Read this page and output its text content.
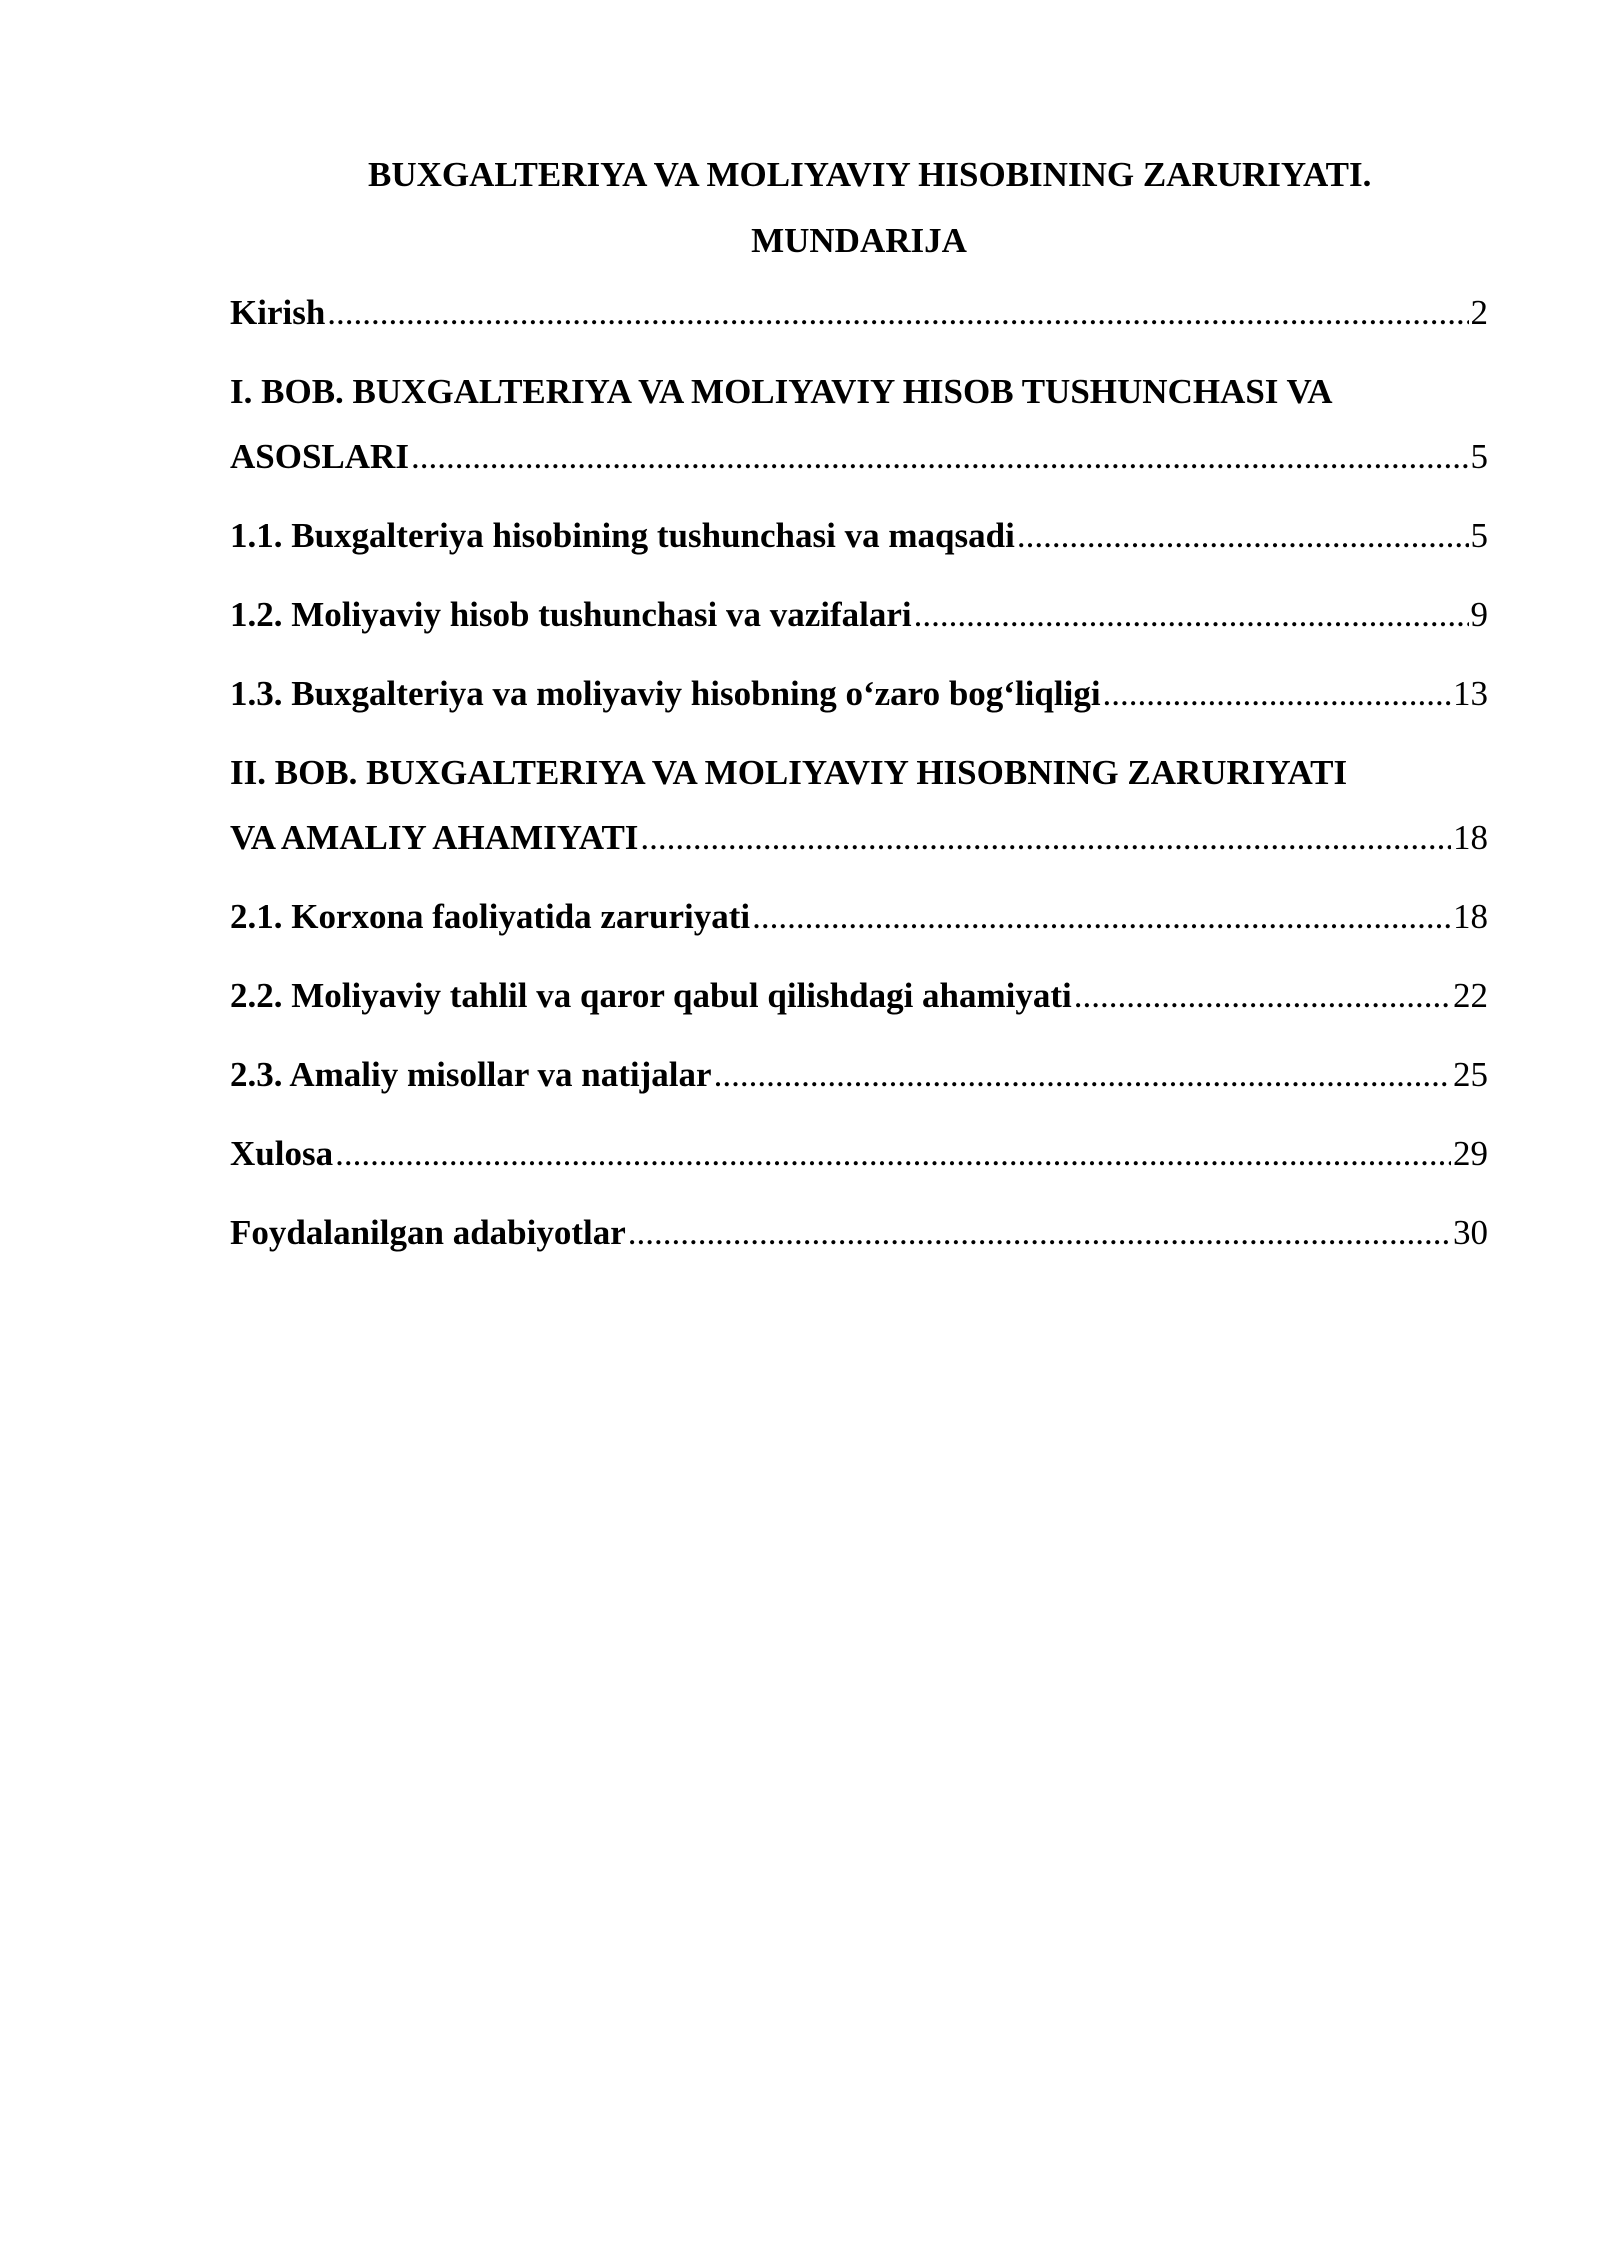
BUXGALTERIYA VA MOLIYAVIY HISOBINING ZARURIYATI.
MUNDARIJA
Kirish .....	2
I. BOB. BUXGALTERIYA VA MOLIYAVIY HISOB TUSHUNCHASI VA
ASOSLARI .....	5
1.1. Buxgalteriya hisobining tushunchasi va maqsadi .....	5
1.2. Moliyaviy hisob tushunchasi va vazifalari .....	9
1.3. Buxgalteriya va moliyaviy hisobning o‘zaro bog‘liqligi .....	13
II. BOB. BUXGALTERIYA VA MOLIYAVIY HISOBNING ZARURIYATI
VA AMALIY AHAMIYATI .....	18
2.1. Korxona faoliyatida zaruriyati .....	18
2.2. Moliyaviy tahlil va qaror qabul qilishdagi ahamiyati .....	22
2.3. Amaliy misollar va natijalar .....	25
Xulosa .....	29
Foydalanilgan adabiyotlar .....	30
